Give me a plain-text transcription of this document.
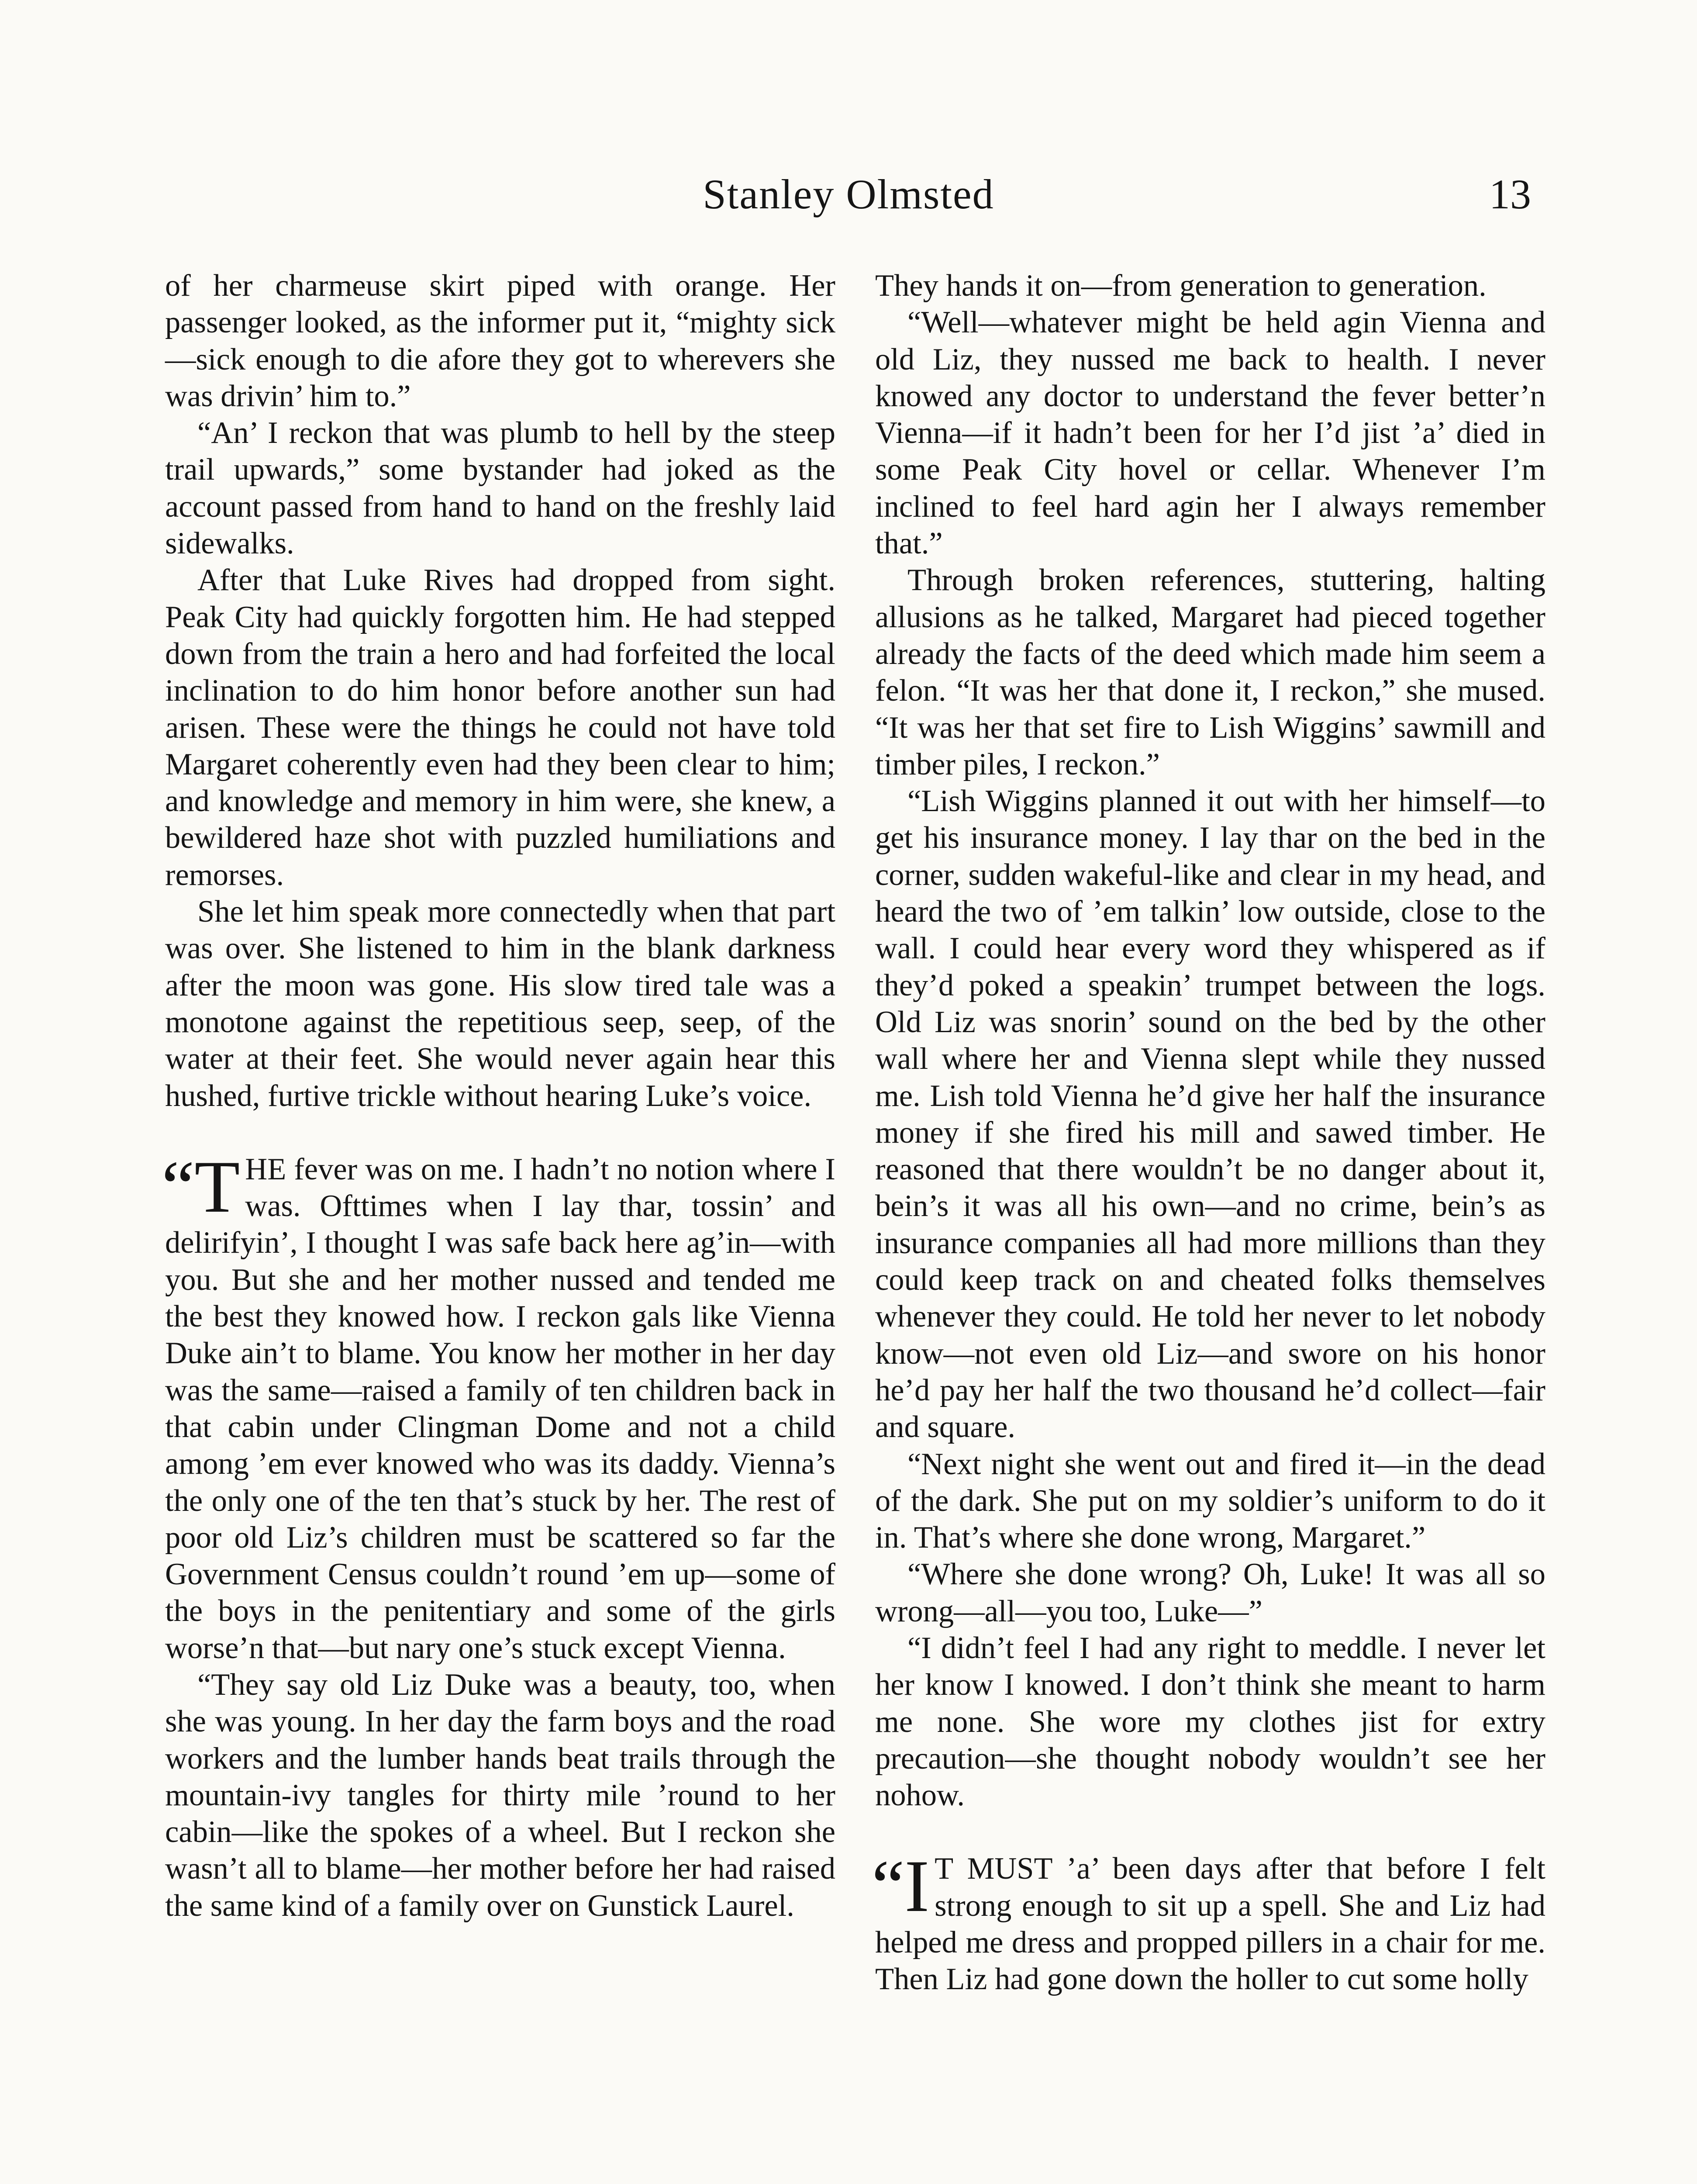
Stanley Olmsted	13

of her charmeuse skirt piped with orange. Her passenger looked, as the informer put it, “mighty sick—sick enough to die afore they got to wherevers she was drivin’ him to.”

“An’ I reckon that was plumb to hell by the steep trail upwards,” some bystander had joked as the account passed from hand to hand on the freshly laid sidewalks.

After that Luke Rives had dropped from sight. Peak City had quickly forgotten him. He had stepped down from the train a hero and had forfeited the local inclination to do him honor before another sun had arisen. These were the things he could not have told Margaret coherently even had they been clear to him; and knowledge and memory in him were, she knew, a bewildered haze shot with puzzled humiliations and remorses.

She let him speak more connectedly when that part was over. She listened to him in the blank darkness after the moon was gone. His slow tired tale was a monotone against the repetitious seep, seep, of the water at their feet. She would never again hear this hushed, furtive trickle without hearing Luke’s voice.

“THE fever was on me. I hadn’t no notion where I was. Ofttimes when I lay thar, tossin’ and delirifyin’, I thought I was safe back here ag’in—with you. But she and her mother nussed and tended me the best they knowed how. I reckon gals like Vienna Duke ain’t to blame. You know her mother in her day was the same—raised a family of ten children back in that cabin under Clingman Dome and not a child among ’em ever knowed who was its daddy. Vienna’s the only one of the ten that’s stuck by her. The rest of poor old Liz’s children must be scattered so far the Government Census couldn’t round ’em up—some of the boys in the penitentiary and some of the girls worse’n that—but nary one’s stuck except Vienna.

“They say old Liz Duke was a beauty, too, when she was young. In her day the farm boys and the road workers and the lumber hands beat trails through the mountain-ivy tangles for thirty mile ’round to her cabin—like the spokes of a wheel. But I reckon she wasn’t all to blame—her mother before her had raised the same kind of a family over on Gunstick Laurel.

They hands it on—from generation to generation.

“Well—whatever might be held agin Vienna and old Liz, they nussed me back to health. I never knowed any doctor to understand the fever better’n Vienna—if it hadn’t been for her I’d jist ’a’ died in some Peak City hovel or cellar. Whenever I’m inclined to feel hard agin her I always remember that.”

Through broken references, stuttering, halting allusions as he talked, Margaret had pieced together already the facts of the deed which made him seem a felon. “It was her that done it, I reckon,” she mused. “It was her that set fire to Lish Wiggins’ sawmill and timber piles, I reckon.”

“Lish Wiggins planned it out with her himself—to get his insurance money. I lay thar on the bed in the corner, sudden wakeful-like and clear in my head, and heard the two of ’em talkin’ low outside, close to the wall. I could hear every word they whispered as if they’d poked a speakin’ trumpet between the logs. Old Liz was snorin’ sound on the bed by the other wall where her and Vienna slept while they nussed me. Lish told Vienna he’d give her half the insurance money if she fired his mill and sawed timber. He reasoned that there wouldn’t be no danger about it, bein’s it was all his own—and no crime, bein’s as insurance companies all had more millions than they could keep track on and cheated folks themselves whenever they could. He told her never to let nobody know—not even old Liz—and swore on his honor he’d pay her half the two thousand he’d collect—fair and square.

“Next night she went out and fired it—in the dead of the dark. She put on my soldier’s uniform to do it in. That’s where she done wrong, Margaret.”

“Where she done wrong? Oh, Luke! It was all so wrong—all—you too, Luke—”

“I didn’t feel I had any right to meddle. I never let her know I knowed. I don’t think she meant to harm me none. She wore my clothes jist for extry precaution—she thought nobody wouldn’t see her nohow.

“I T MUST ’a’ been days after that before I felt strong enough to sit up a spell. She and Liz had helped me dress and propped pillers in a chair for me. Then Liz had gone down the holler to cut some holly
